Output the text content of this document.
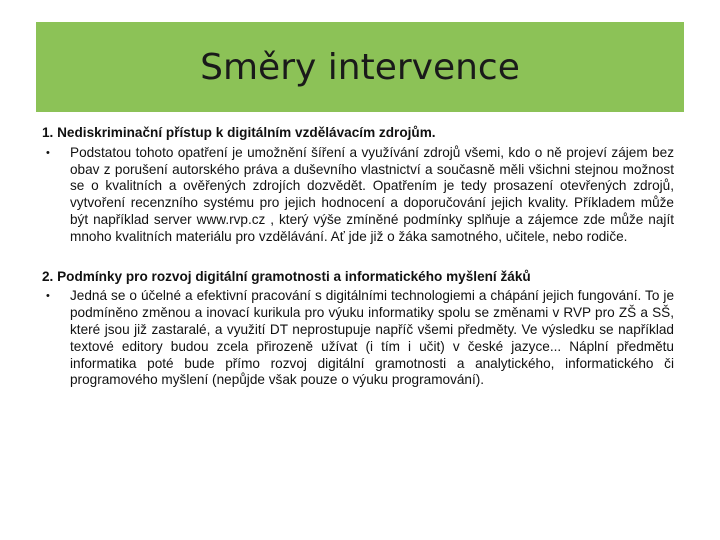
Směry intervence
1. Nediskriminační přístup k digitálním vzdělávacím zdrojům.
•	Podstatou tohoto opatření je umožnění šíření a využívání zdrojů všemi, kdo o ně projeví zájem bez obav z porušení autorského práva a duševního vlastnictví a současně měli všichni stejnou možnost se o kvalitních a ověřených zdrojích dozvědět. Opatřením je tedy prosazení otevřených zdrojů, vytvoření recenzního systému pro jejich hodnocení a doporučování jejich kvality. Příkladem může být například server www.rvp.cz , který výše zmíněné podmínky splňuje a zájemce zde může najít mnoho kvalitních materiálu pro vzdělávání. Ať jde již o žáka samotného, učitele, nebo rodiče.
2. Podmínky pro rozvoj digitální gramotnosti a informatického myšlení žáků
•	Jedná se o účelné a efektivní pracování s digitálními technologiemi a chápání jejich fungování. To je podmíněno změnou a inovací kurikula pro výuku informatiky spolu se změnami v RVP pro ZŠ a SŠ, které jsou již zastaralé, a využití DT neprostupuje napříč všemi předměty. Ve výsledku se například textové editory budou zcela přirozeně užívat (i tím i učit) v české jazyce... Náplní předmětu informatika poté bude přímo rozvoj digitální gramotnosti a analytického, informatického či programového myšlení (nepůjde však pouze o výuku programování).
